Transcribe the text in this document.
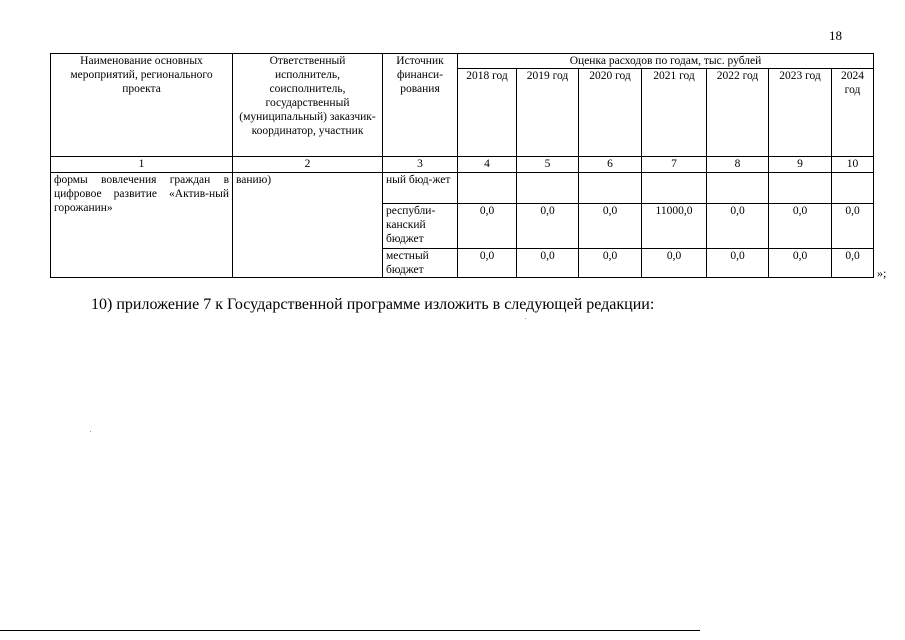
18
Наименование основных мероприятий, регионального проекта	Ответственный исполнитель, соисполнитель, государственный (муниципальный) заказчик-координатор, участник	Источник финанси-рования	Оценка расходов по годам, тыс. рублей						
			2018 год	2019 год	2020 год	2021 год	2022 год	2023 год	2024 год
1	2	3	4	5	6	7	8	9	10
формы вовлечения граждан в цифровое развитие «Актив-ный горожанин»	ванию)	ный бюд-жет							
		республи-канский бюджет	0,0	0,0	0,0	11000,0	0,0	0,0	0,0
		местный бюджет	0,0	0,0	0,0	0,0	0,0	0,0	0,0
»;
10) приложение 7 к Государственной программе изложить в следующей редакции:
